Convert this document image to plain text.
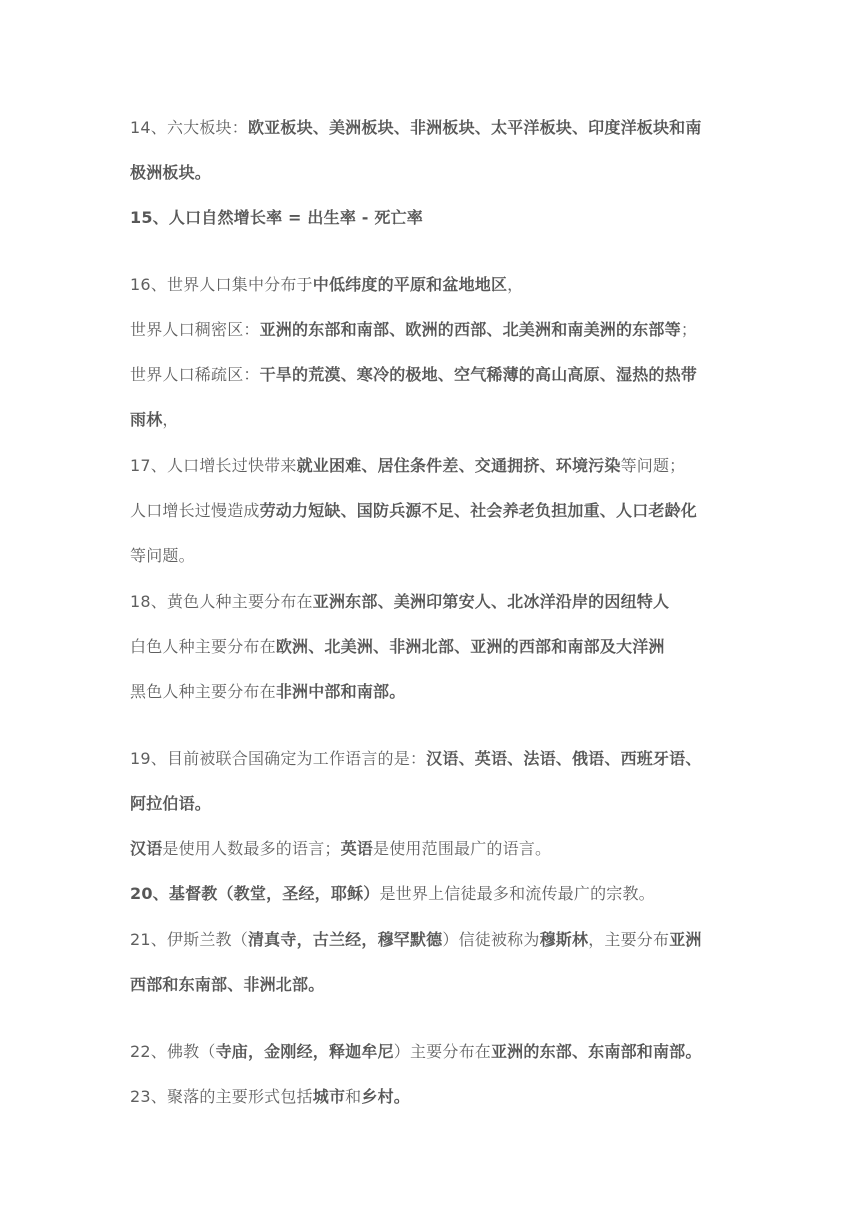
14、六大板块：欧亚板块、美洲板块、非洲板块、太平洋板块、印度洋板块和南
极洲板块。
15、人口自然增长率 = 出生率 - 死亡率
16、世界人口集中分布于中低纬度的平原和盆地地区，
世界人口稠密区：亚洲的东部和南部、欧洲的西部、北美洲和南美洲的东部等；
世界人口稀疏区：干旱的荒漠、寒冷的极地、空气稀薄的高山高原、湿热的热带
雨林，
17、人口增长过快带来就业困难、居住条件差、交通拥挤、环境污染等问题；
人口增长过慢造成劳动力短缺、国防兵源不足、社会养老负担加重、人口老龄化
等问题。
18、黄色人种主要分布在亚洲东部、美洲印第安人、北冰洋沿岸的因纽特人
白色人种主要分布在欧洲、北美洲、非洲北部、亚洲的西部和南部及大洋洲
黑色人种主要分布在非洲中部和南部。
19、目前被联合国确定为工作语言的是：汉语、英语、法语、俄语、西班牙语、
阿拉伯语。
汉语是使用人数最多的语言；英语是使用范围最广的语言。
20、基督教（教堂，圣经，耶稣）是世界上信徒最多和流传最广的宗教。
21、伊斯兰教（清真寺，古兰经，穆罕默德）信徒被称为穆斯林，主要分布亚洲
西部和东南部、非洲北部。
22、佛教（寺庙，金刚经，释迦牟尼）主要分布在亚洲的东部、东南部和南部。
23、聚落的主要形式包括城市和乡村。
